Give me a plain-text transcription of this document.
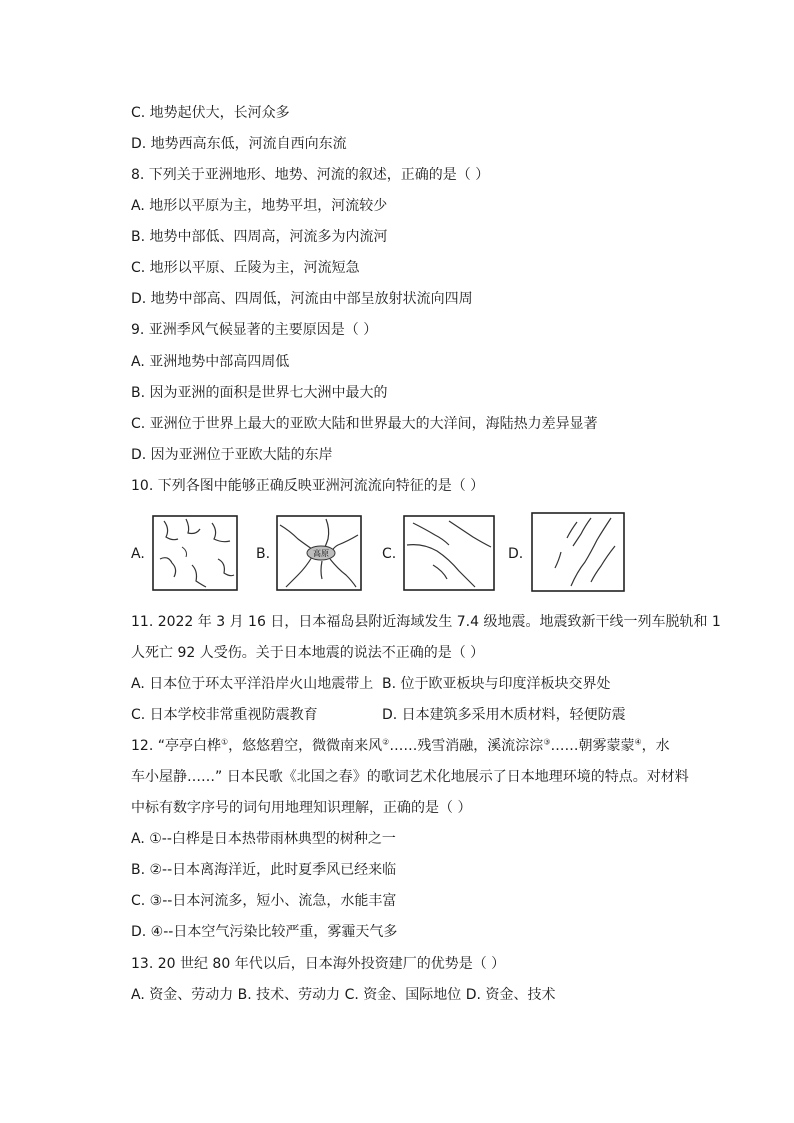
C. 地势起伏大，长河众多
D. 地势西高东低，河流自西向东流
8. 下列关于亚洲地形、地势、河流的叙述，正确的是（ ）
A. 地形以平原为主，地势平坦，河流较少
B. 地势中部低、四周高，河流多为内流河
C. 地形以平原、丘陵为主，河流短急
D. 地势中部高、四周低，河流由中部呈放射状流向四周
9. 亚洲季风气候显著的主要原因是（ ）
A. 亚洲地势中部高四周低
B. 因为亚洲的面积是世界七大洲中最大的
C. 亚洲位于世界上最大的亚欧大陆和世界最大的大洋间，海陆热力差异显著
D. 因为亚洲位于亚欧大陆的东岸
10. 下列各图中能够正确反映亚洲河流流向特征的是（ ）
A.	B.	高原	C.	D.
11. 2022 年 3 月 16 日，日本福岛县附近海域发生 7.4 级地震。地震致新干线一列车脱轨和 1
人死亡 92 人受伤。关于日本地震的说法不正确的是（ ）
A. 日本位于环太平洋沿岸火山地震带上 B. 位于欧亚板块与印度洋板块交界处
C. 日本学校非常重视防震教育	D. 日本建筑多采用木质材料，轻便防震
12. “亭亭白桦①，悠悠碧空，微微南来风②……残雪消融，溪流淙淙③……朝雾蒙蒙④，水
车小屋静……” 日本民歌《北国之春》的歌词艺术化地展示了日本地理环境的特点。对材料
中标有数字序号的词句用地理知识理解，正确的是（ ）
A. ①--白桦是日本热带雨林典型的树种之一
B. ②--日本离海洋近，此时夏季风已经来临
C. ③--日本河流多，短小、流急，水能丰富
D. ④--日本空气污染比较严重，雾霾天气多
13. 20 世纪 80 年代以后，日本海外投资建厂的优势是（ ）
A. 资金、劳动力 B. 技术、劳动力 C. 资金、国际地位 D. 资金、技术
